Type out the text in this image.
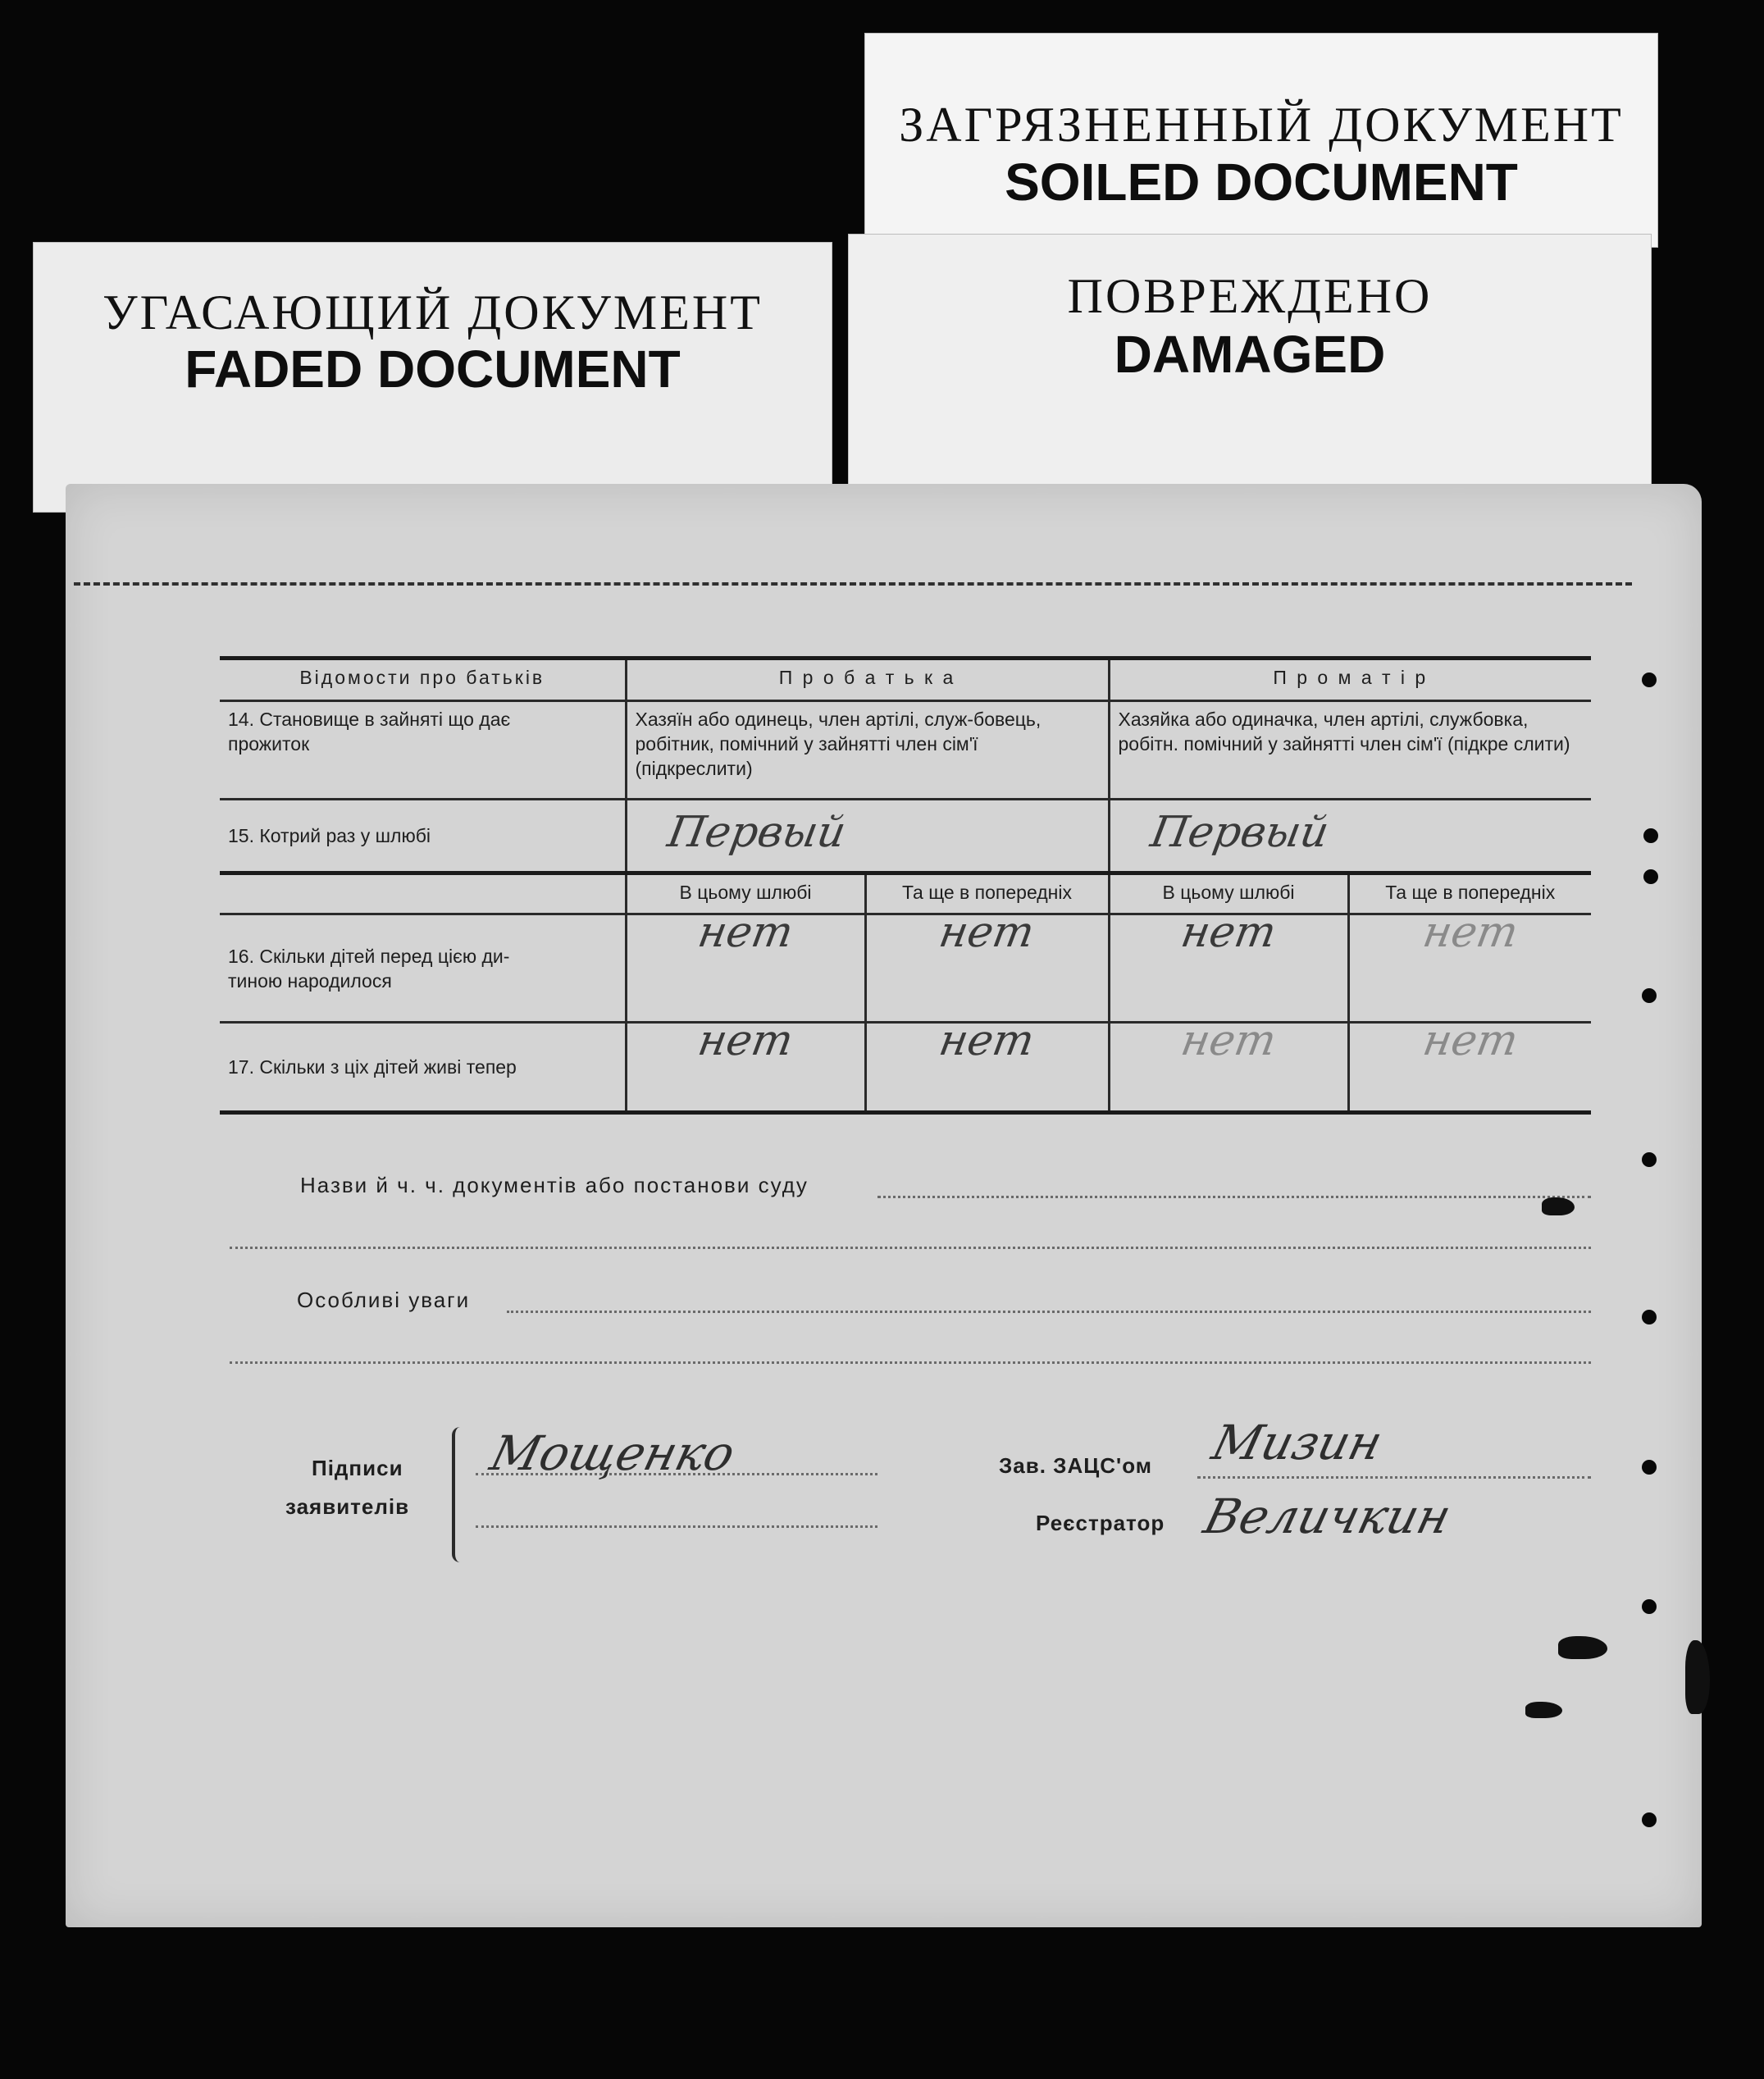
ЗАГРЯЗНЕННЫЙ ДОКУМЕНТ
SOILED DOCUMENT
ПОВРЕЖДЕНО
DAMAGED
УГАСАЮЩИЙ ДОКУМЕНТ
FADED DOCUMENT
Відомости про батьків	П р о б а т ь к а		П р о м а т і р	

14. Становище в зайняті що дає
прожиток	Хазяїн або одинець, член артілі, служ-бовець, робітник, помічний у зайнятті член сім'ї (підкреслити)		Хазяйка або одиначка, член артілі, службовка, робітн. помічний у зайнятті член сім'ї (підкре слити)	
15. Котрий раз у шлюбі	Первый		Первый	
	В цьому шлюбі	Та ще в попередніх	В цьому шлюбі	Та ще в попередніх

16. Скільки дітей перед цією ди-
тиною народилося	нет	нет	нет	нет
17. Скільки з ціх дітей живі тепер	нет	нет	нет	нет
Назви й ч. ч. документів або постанови суду
Особливі уваги
Підписи
заявителів
Мощенко	Зав. ЗАЦС'ом Мизин
Реєстратор Величкин
